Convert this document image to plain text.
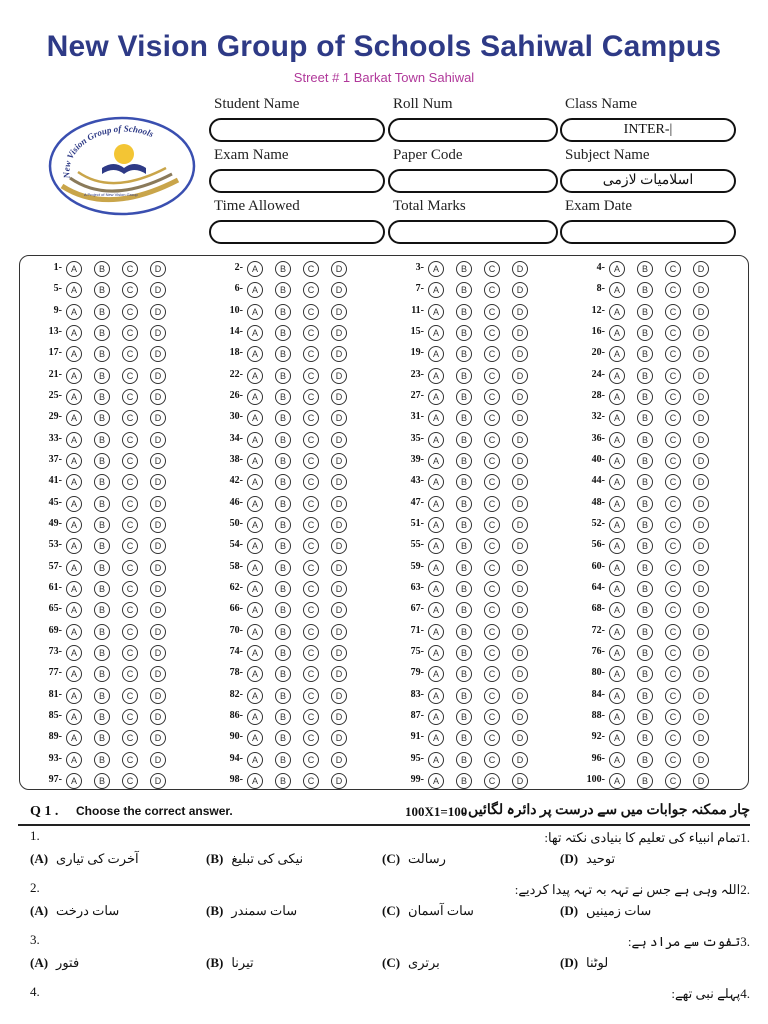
New Vision Group of Schools Sahiwal Campus
Street # 1 Barkat Town Sahiwal
New Vision Group of Schools
A Project of New Vision Group
Student Name	Roll Num	Class Name
INTER-|
Exam Name	Paper Code	Subject Name
اسلامیات لازمی
Time Allowed	Total Marks	Exam Date
1- A	B	C	D	2- A	B	C	D	3- A	B	C	D	4- A	B	C	D
5- A	B	C	D	6- A	B	C	D	7- A	B	C	D	8- A	B	C	D
9- A	B	C	D	10- A	B	C	D	11- A	B	C	D	12- A	B	C	D
13- A	B	C	D	14- A	B	C	D	15- A	B	C	D	16- A	B	C	D
17- A	B	C	D	18- A	B	C	D	19- A	B	C	D	20- A	B	C	D
21- A	B	C	D	22- A	B	C	D	23- A	B	C	D	24- A	B	C	D
25- A	B	C	D	26- A	B	C	D	27- A	B	C	D	28- A	B	C	D
29- A	B	C	D	30- A	B	C	D	31- A	B	C	D	32- A	B	C	D
33- A	B	C	D	34- A	B	C	D	35- A	B	C	D	36- A	B	C	D
37- A	B	C	D	38- A	B	C	D	39- A	B	C	D	40- A	B	C	D
41- A	B	C	D	42- A	B	C	D	43- A	B	C	D	44- A	B	C	D
45- A	B	C	D	46- A	B	C	D	47- A	B	C	D	48- A	B	C	D
49- A	B	C	D	50- A	B	C	D	51- A	B	C	D	52- A	B	C	D
53- A	B	C	D	54- A	B	C	D	55- A	B	C	D	56- A	B	C	D
57- A	B	C	D	58- A	B	C	D	59- A	B	C	D	60- A	B	C	D
61- A	B	C	D	62- A	B	C	D	63- A	B	C	D	64- A	B	C	D
65- A	B	C	D	66- A	B	C	D	67- A	B	C	D	68- A	B	C	D
69- A	B	C	D	70- A	B	C	D	71- A	B	C	D	72- A	B	C	D
73- A	B	C	D	74- A	B	C	D	75- A	B	C	D	76- A	B	C	D
77- A	B	C	D	78- A	B	C	D	79- A	B	C	D	80- A	B	C	D
81- A	B	C	D	82- A	B	C	D	83- A	B	C	D	84- A	B	C	D
85- A	B	C	D	86- A	B	C	D	87- A	B	C	D	88- A	B	C	D
89- A	B	C	D	90- A	B	C	D	91- A	B	C	D	92- A	B	C	D
93- A	B	C	D	94- A	B	C	D	95- A	B	C	D	96- A	B	C	D
97- A	B	C	D	98- A	B	C	D	99- A	B	C	D	100- A	B	C	D
Q 1 . Choose the correct answer.	100X1=100
چار ممکنہ جوابات میں سے درست پر دائرہ لگائیں۔
1.	.1تمام انبیاء کی تعلیم کا بنیادی نکتہ تھا:
(A) آخرت کی تیاری	(B) نیکی کی تبلیغ	(C) رسالت	(D) توحید
2.	.2اللہ وہی ہے جس نے تہہ بہ تہہ پیدا کردیے:
(A) سات درخت	(B) سات سمندر	(C) سات آسمان	(D) سات زمینیں
3.	.3تفٰوت سے مراد ہے:
(A) فتور	(B) تیرنا	(C) برتری	(D) لوٹنا
4.	.4پہلے نبی تھے:
